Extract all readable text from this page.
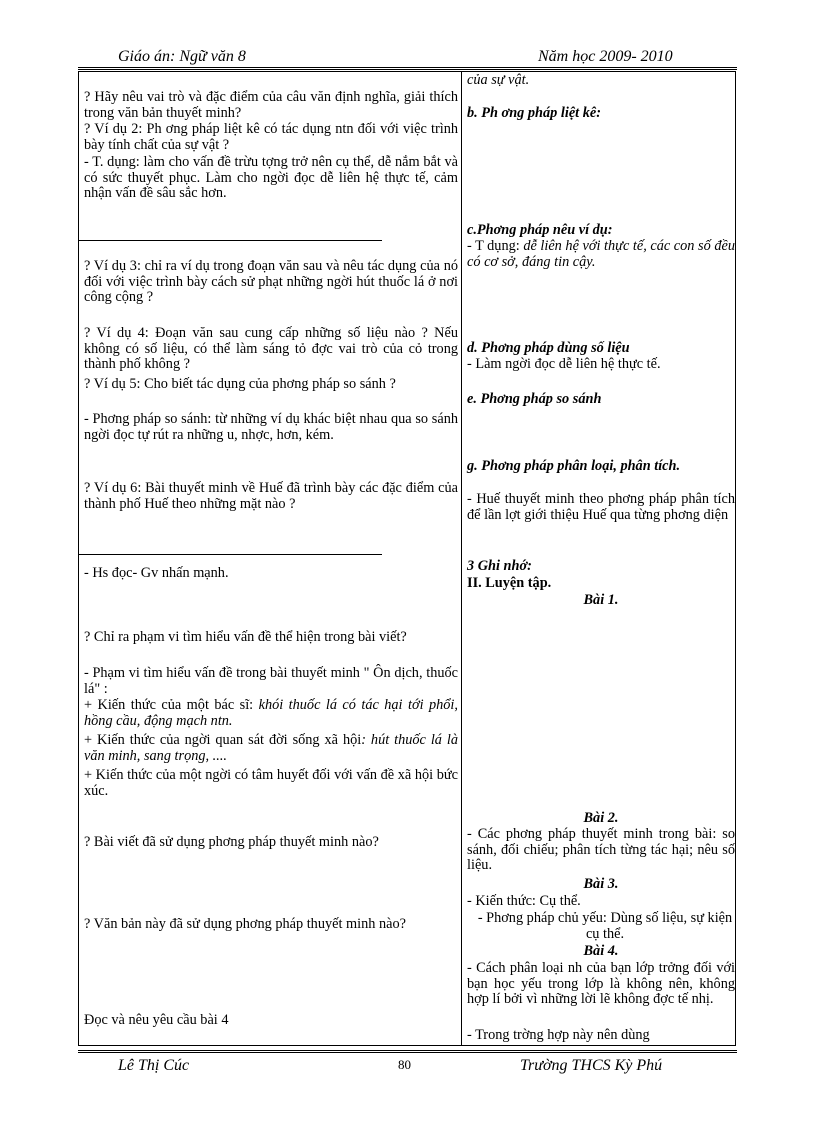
Giáo án: Ngữ văn 8	Năm học 2009- 2010
? Hãy nêu vai trò và đặc điểm của câu văn định nghĩa, giải thích trong văn bản thuyết minh?
? Ví dụ 2: Ph ơng pháp liệt kê có tác dụng ntn đối với việc trình bày tính chất của sự vật ?
- T. dụng: làm cho vấn đề trừu tợng trở nên cụ thể, dễ nắm bắt và có sức thuyết phục. Làm cho ngời đọc dễ liên hệ thực tế, cảm nhận vấn đề sâu sắc hơn.
? Ví dụ 3: chỉ ra ví dụ trong đoạn văn sau và nêu tác dụng của nó đối với việc trình bày cách sử phạt những ngời hút thuốc lá ở nơi công cộng ?
? Ví dụ 4: Đoạn văn sau cung cấp những số liệu nào ? Nếu không có số liệu, có thể làm sáng tỏ đợc vai trò của cỏ trong thành phố không ?
? Ví dụ 5: Cho biết tác dụng của phơng pháp so sánh ?
- Phơng pháp so sánh: từ những ví dụ khác biệt nhau qua so sánh ngời đọc tự rút ra những u, nhợc, hơn, kém.
? Ví dụ 6: Bài thuyết minh về Huế đã trình bày các đặc điểm của thành phố Huế theo những mặt nào ?
- Hs đọc- Gv nhấn mạnh.
? Chỉ ra phạm vi tìm hiểu vấn đề thể hiện trong bài viết?
- Phạm vi tìm hiểu vấn đề trong bài thuyết minh " Ôn dịch, thuốc lá" :
+ Kiến thức của một bác sĩ: khói thuốc lá có tác hại tới phổi, hồng cầu, động mạch ntn.
+ Kiến thức của ngời quan sát đời sống xã hội: hút thuốc lá là văn minh, sang trọng, ....
+ Kiến thức của một ngời có tâm huyết đối với vấn đề xã hội bức xúc.
? Bài viết đã sử dụng phơng pháp thuyết minh nào?
? Văn bản này đã sử dụng phơng pháp thuyết minh nào?
Đọc và nêu yêu cầu bài 4
của sự vật.
b. Ph ơng pháp liệt kê:
c.Phơng pháp nêu ví dụ:
- T dụng: dễ liên hệ với thực tế, các con số đều có cơ sở, đáng tin cậy.
d. Phơng pháp dùng số liệu
- Làm ngời đọc dễ liên hệ thực tế.
e. Phơng pháp so sánh
g. Phơng pháp phân loại, phân tích.
- Huế thuyết minh theo phơng pháp phân tích để lần lợt giới thiệu Huế qua từng phơng diện
3 Ghi nhớ:
II. Luyện tập.
Bài 1.
Bài 2.
- Các phơng pháp thuyết minh trong bài: so sánh, đối chiếu; phân tích từng tác hại; nêu số liệu.
Bài 3.
- Kiến thức: Cụ thể.
- Phơng pháp chủ yếu: Dùng số liệu, sự kiện cụ thể.
Bài 4.
- Cách phân loại nh của bạn lớp trởng đối với bạn học yếu trong lớp là không nên, không hợp lí bởi vì những lời lẽ không đợc tế nhị.
- Trong trờng hợp này nên dùng
Lê Thị Cúc	80	Trường THCS Kỳ Phú
